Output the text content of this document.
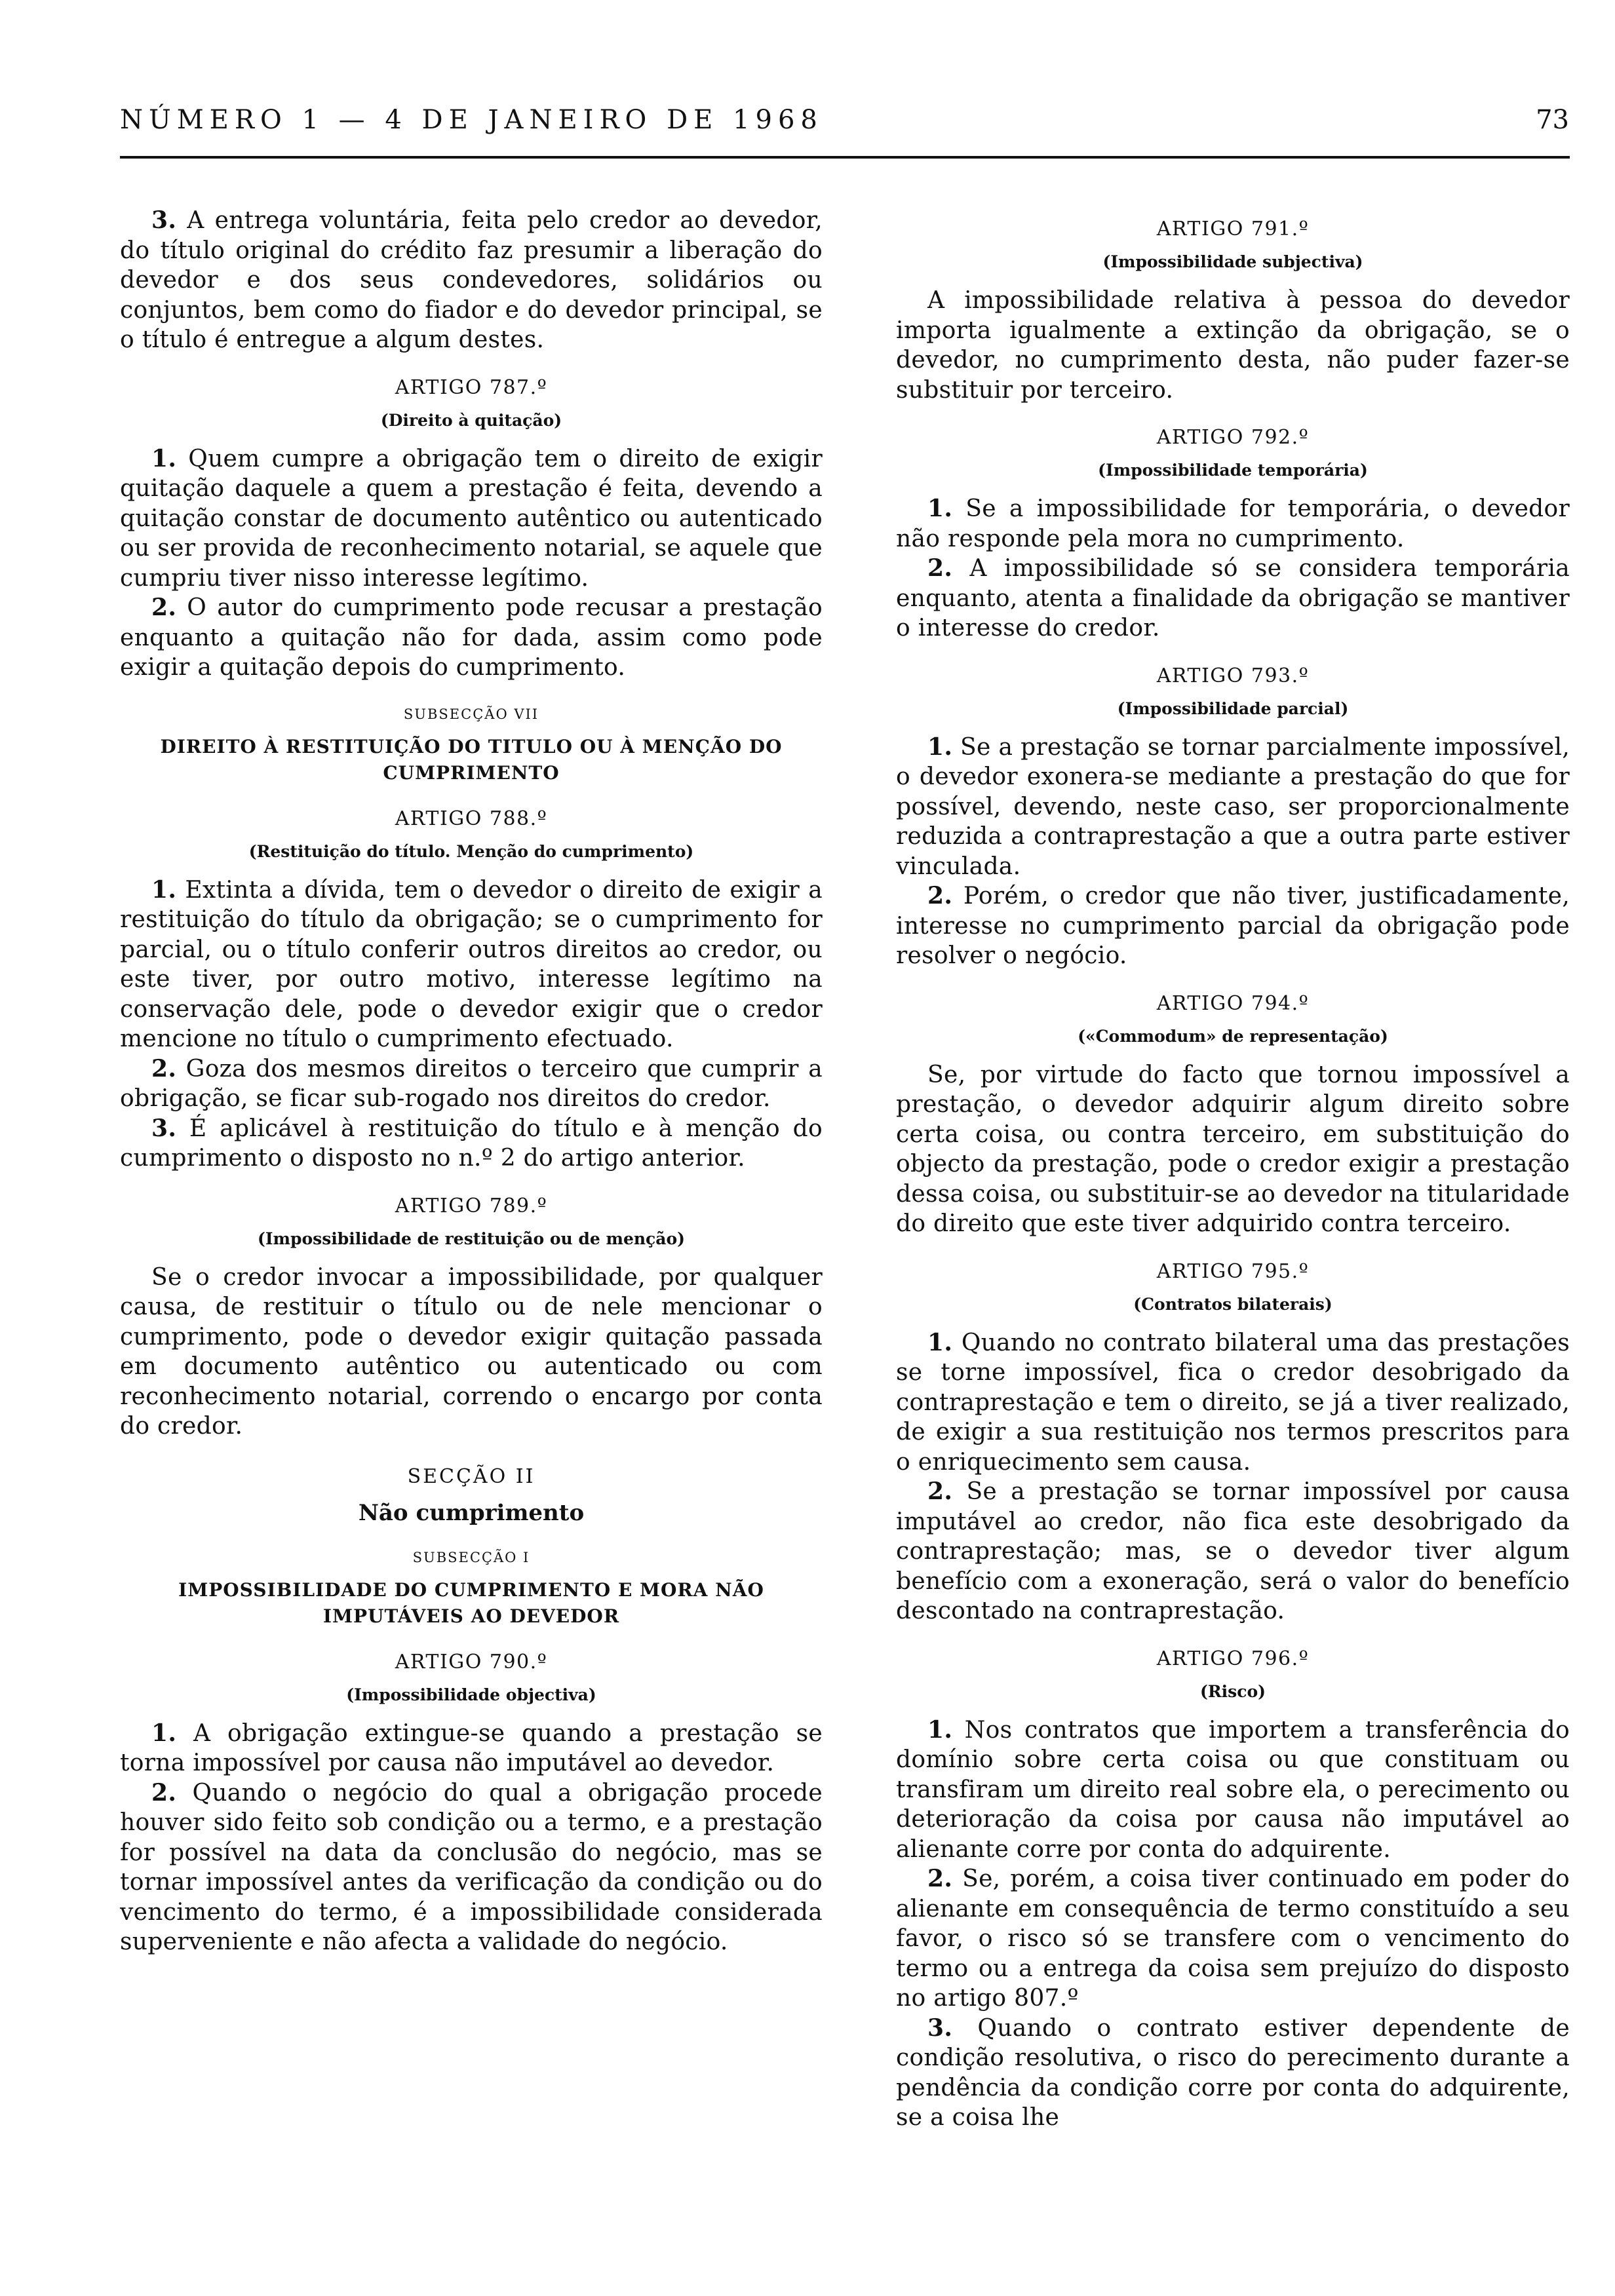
NÚMERO 1 — 4 DE JANEIRO DE 1968	73
3. A entrega voluntária, feita pelo credor ao devedor, do título original do crédito faz presumir a liberação do devedor e dos seus condevedores, solidários ou conjuntos, bem como do fiador e do devedor principal, se o título é entregue a algum destes.
ARTIGO 787.º
(Direito à quitação)
1. Quem cumpre a obrigação tem o direito de exigir quitação daquele a quem a prestação é feita, devendo a quitação constar de documento autêntico ou autenticado ou ser provida de reconhecimento notarial, se aquele que cumpriu tiver nisso interesse legítimo.
2. O autor do cumprimento pode recusar a prestação enquanto a quitação não for dada, assim como pode exigir a quitação depois do cumprimento.
SUBSECÇÃO VII
DIREITO À RESTITUIÇÃO DO TITULO OU À MENÇÃO DO CUMPRIMENTO
ARTIGO 788.º
(Restituição do título. Menção do cumprimento)
1. Extinta a dívida, tem o devedor o direito de exigir a restituição do título da obrigação; se o cumprimento for parcial, ou o título conferir outros direitos ao credor, ou este tiver, por outro motivo, interesse legítimo na conservação dele, pode o devedor exigir que o credor mencione no título o cumprimento efectuado.
2. Goza dos mesmos direitos o terceiro que cumprir a obrigação, se ficar sub-rogado nos direitos do credor.
3. É aplicável à restituição do título e à menção do cumprimento o disposto no n.º 2 do artigo anterior.
ARTIGO 789.º
(Impossibilidade de restituição ou de menção)
Se o credor invocar a impossibilidade, por qualquer causa, de restituir o título ou de nele mencionar o cumprimento, pode o devedor exigir quitação passada em documento autêntico ou autenticado ou com reconhecimento notarial, correndo o encargo por conta do credor.
SECÇÃO II
Não cumprimento
SUBSECÇÃO I
IMPOSSIBILIDADE DO CUMPRIMENTO E MORA NÃO IMPUTÁVEIS AO DEVEDOR
ARTIGO 790.º
(Impossibilidade objectiva)
1. A obrigação extingue-se quando a prestação se torna impossível por causa não imputável ao devedor.
2. Quando o negócio do qual a obrigação procede houver sido feito sob condição ou a termo, e a prestação for possível na data da conclusão do negócio, mas se tornar impossível antes da verificação da condição ou do vencimento do termo, é a impossibilidade considerada superveniente e não afecta a validade do negócio.
ARTIGO 791.º
(Impossibilidade subjectiva)
A impossibilidade relativa à pessoa do devedor importa igualmente a extinção da obrigação, se o devedor, no cumprimento desta, não puder fazer-se substituir por terceiro.
ARTIGO 792.º
(Impossibilidade temporária)
1. Se a impossibilidade for temporária, o devedor não responde pela mora no cumprimento.
2. A impossibilidade só se considera temporária enquanto, atenta a finalidade da obrigação se mantiver o interesse do credor.
ARTIGO 793.º
(Impossibilidade parcial)
1. Se a prestação se tornar parcialmente impossível, o devedor exonera-se mediante a prestação do que for possível, devendo, neste caso, ser proporcionalmente reduzida a contraprestação a que a outra parte estiver vinculada.
2. Porém, o credor que não tiver, justificadamente, interesse no cumprimento parcial da obrigação pode resolver o negócio.
ARTIGO 794.º
(«Commodum» de representação)
Se, por virtude do facto que tornou impossível a prestação, o devedor adquirir algum direito sobre certa coisa, ou contra terceiro, em substituição do objecto da prestação, pode o credor exigir a prestação dessa coisa, ou substituir-se ao devedor na titularidade do direito que este tiver adquirido contra terceiro.
ARTIGO 795.º
(Contratos bilaterais)
1. Quando no contrato bilateral uma das prestações se torne impossível, fica o credor desobrigado da contraprestação e tem o direito, se já a tiver realizado, de exigir a sua restituição nos termos prescritos para o enriquecimento sem causa.
2. Se a prestação se tornar impossível por causa imputável ao credor, não fica este desobrigado da contraprestação; mas, se o devedor tiver algum benefício com a exoneração, será o valor do benefício descontado na contraprestação.
ARTIGO 796.º
(Risco)
1. Nos contratos que importem a transferência do domínio sobre certa coisa ou que constituam ou transfiram um direito real sobre ela, o perecimento ou deterioração da coisa por causa não imputável ao alienante corre por conta do adquirente.
2. Se, porém, a coisa tiver continuado em poder do alienante em consequência de termo constituído a seu favor, o risco só se transfere com o vencimento do termo ou a entrega da coisa sem prejuízo do disposto no artigo 807.º
3. Quando o contrato estiver dependente de condição resolutiva, o risco do perecimento durante a pendência da condição corre por conta do adquirente, se a coisa lhe
